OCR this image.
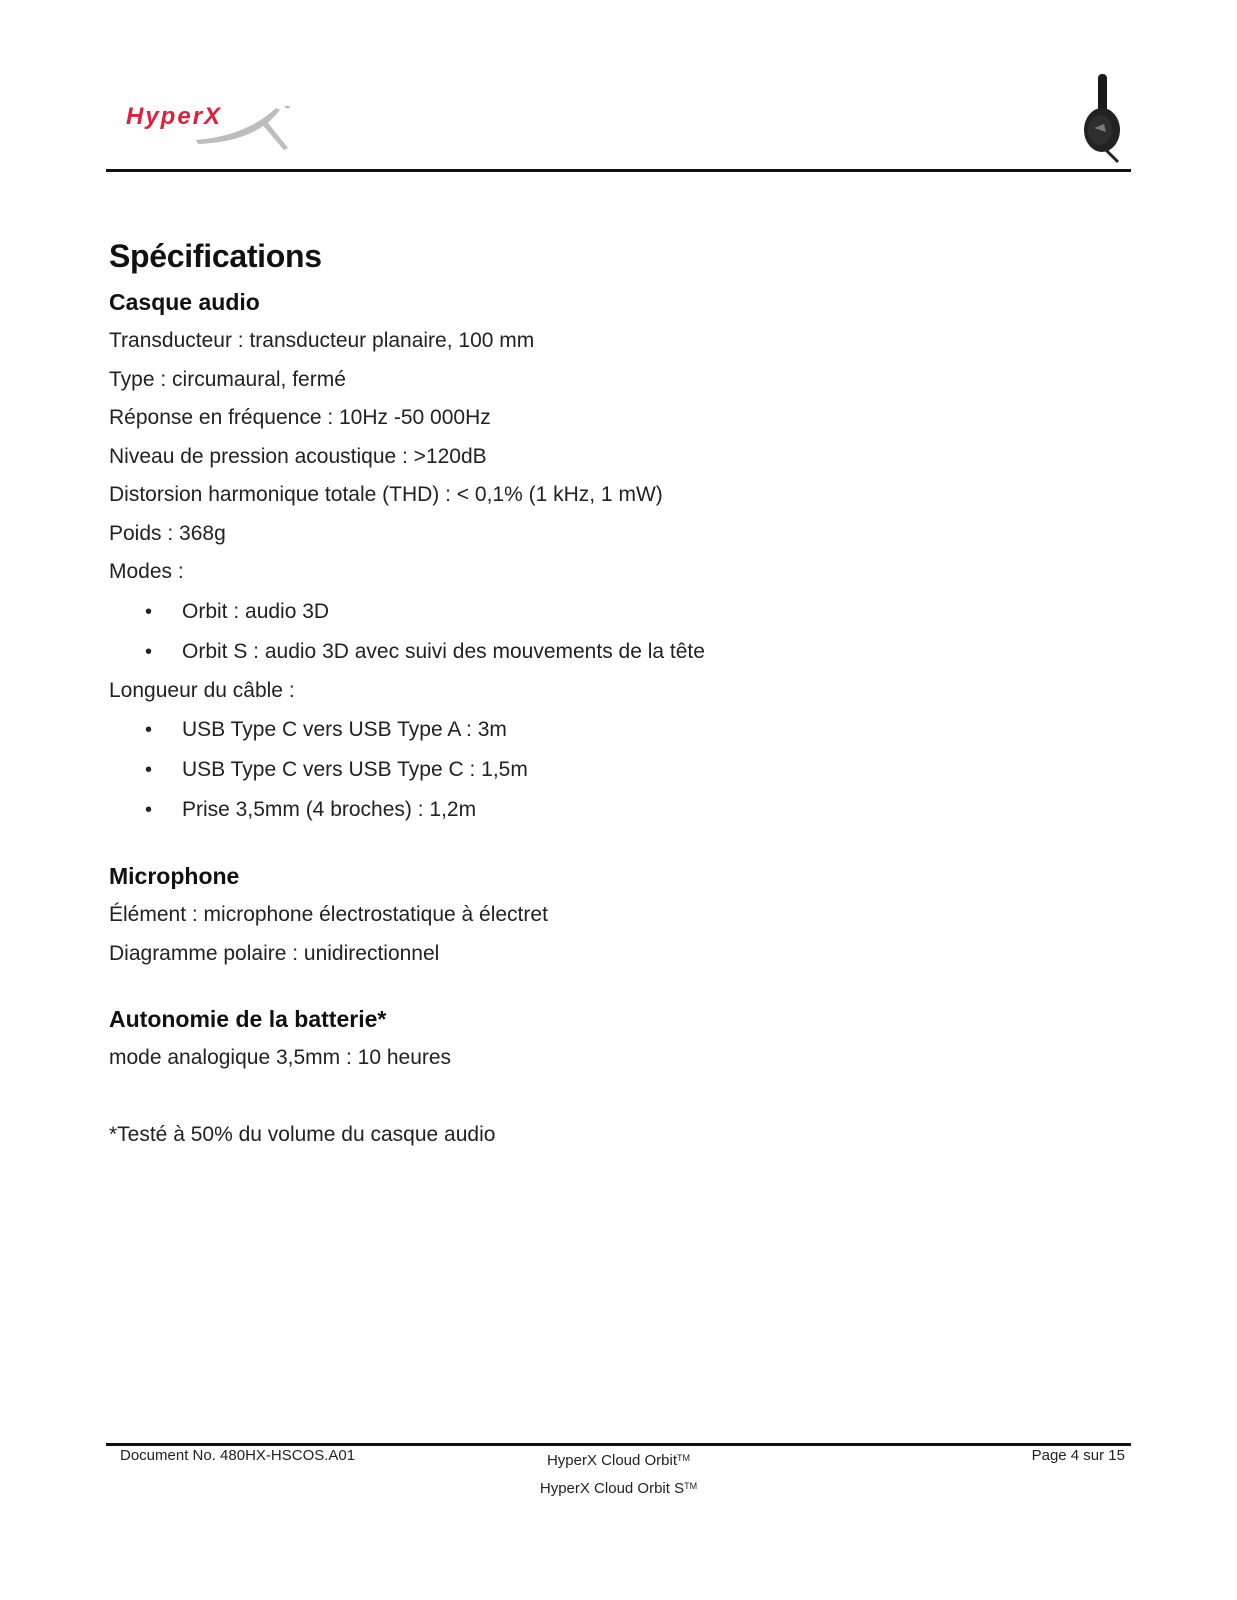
HyperX	™
Spécifications
Casque audio
Transducteur : transducteur planaire, 100 mm
Type : circumaural, fermé
Réponse en fréquence : 10Hz -50 000Hz
Niveau de pression acoustique : >120dB
Distorsion harmonique totale (THD) : < 0,1% (1 kHz, 1 mW)
Poids : 368g
Modes :
• Orbit : audio 3D
• Orbit S : audio 3D avec suivi des mouvements de la tête
Longueur du câble :
• USB Type C vers USB Type A : 3m
• USB Type C vers USB Type C : 1,5m
• Prise 3,5mm (4 broches) : 1,2m
Microphone
Élément : microphone électrostatique à électret
Diagramme polaire : unidirectionnel
Autonomie de la batterie*
mode analogique 3,5mm : 10 heures
*Testé à 50% du volume du casque audio
Document No. 480HX-HSCOS.A01	HyperX Cloud Orbit™
HyperX Cloud Orbit S™
Page 4 sur 15
